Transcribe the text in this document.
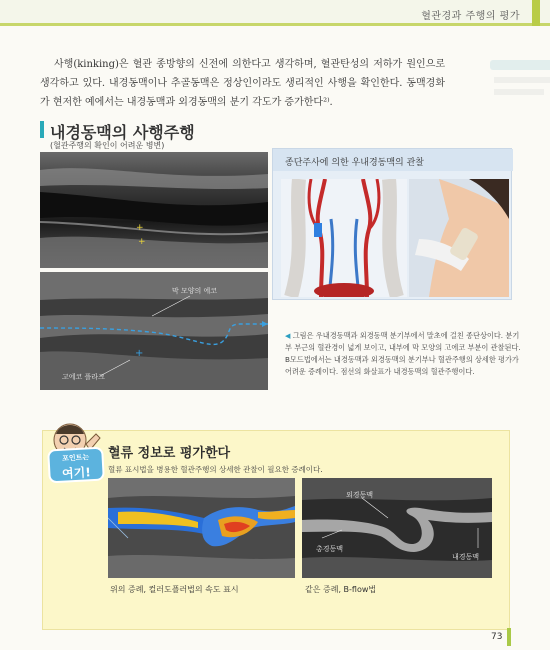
혈관경과 주행의 평가

사행(kinking)은 혈관 종방향의 신전에 의한다고 생각하며, 혈관탄성의 저하가 원인으로 생각하고 있다. 내경동맥이나 추골동맥은 정상인이라도 생리적인 사행을 확인한다. 동맥경화가 현저한 예에서는 내경동맥과 외경동맥의 분기 각도가 증가한다²⁾.

내경동맥의 사행주행
(혈관주행의 확인이 어려운 병변)
+
+
+
막 모양의 에코
고에코 플라크
종단주사에 의한 우내경동맥의 관찰
◀ 그림은 우내경동맥과 외경동맥 분기부에서 말초에 걸친 종단상이다. 분기부 부근의 혈관경이 넓게 보이고, 내부에 막 모양의 고에코 부분이 관찰된다. B모드법에서는 내경동맥과 외경동맥의 분기부나 혈관주행의 상세한 평가가 어려운 증례이다. 점선의 화살표가 내경동맥의 혈관주행이다.
포인트는
여기!
혈류 정보로 평가한다
혈류 표시법을 병용한 혈관주행의 상세한 관찰이 필요한 증례이다.
외경동맥
총경동맥
내경동맥
위의 증례, 컬러도플러법의 속도 표시	같은 증례, B-flow법
73
